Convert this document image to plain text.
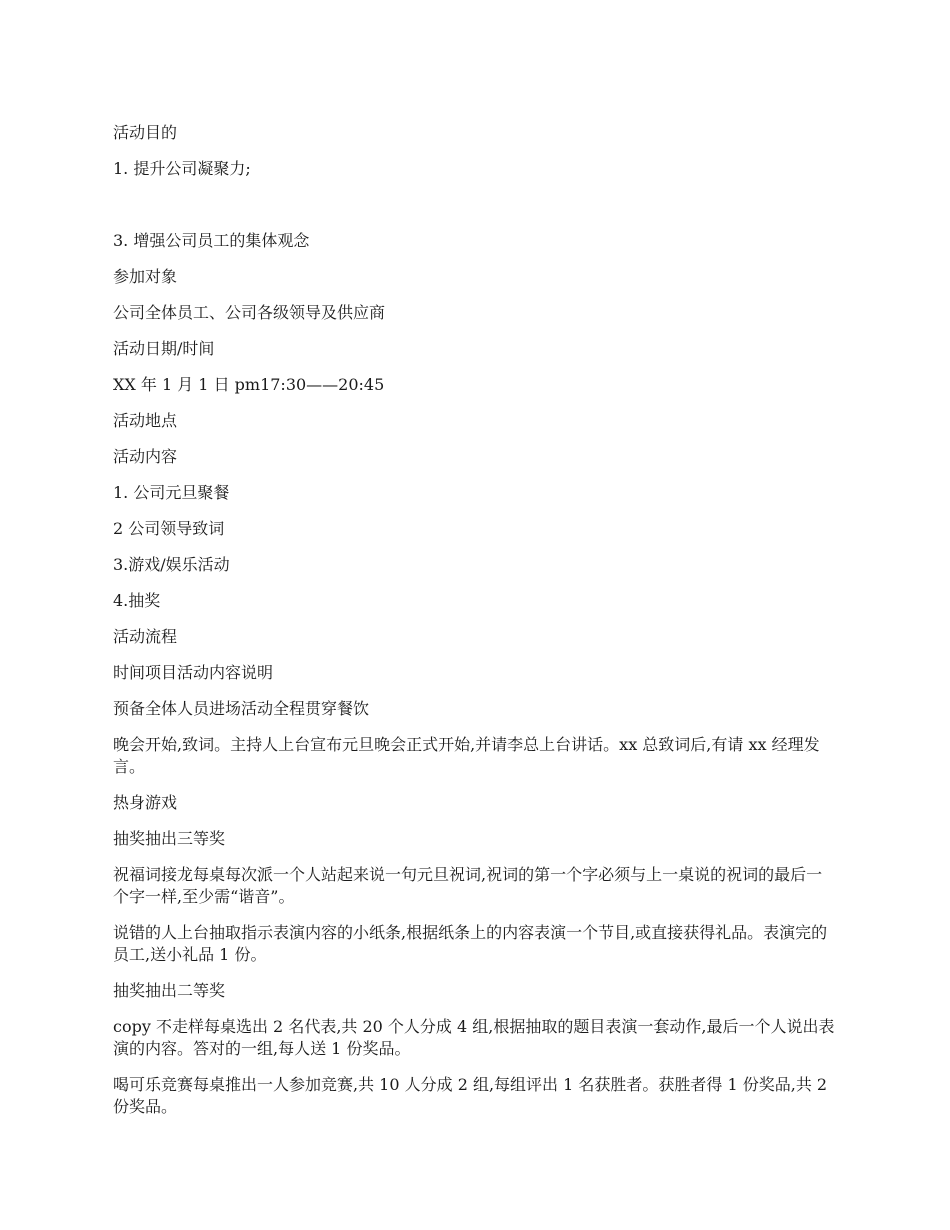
活动目的

1. 提升公司凝聚力;

3. 增强公司员工的集体观念

参加对象

公司全体员工、公司各级领导及供应商

活动日期/时间

XX 年 1 月 1 日 pm17:30——20:45

活动地点

活动内容

1. 公司元旦聚餐

2 公司领导致词

3.游戏/娱乐活动

4.抽奖

活动流程

时间项目活动内容说明

预备全体人员进场活动全程贯穿餐饮

晚会开始,致词。主持人上台宣布元旦晚会正式开始,并请李总上台讲话。xx 总致词后,有请 xx 经理发言。

热身游戏

抽奖抽出三等奖

祝福词接龙每桌每次派一个人站起来说一句元旦祝词,祝词的第一个字必须与上一桌说的祝词的最后一个字一样,至少需“谐音”。

说错的人上台抽取指示表演内容的小纸条,根据纸条上的内容表演一个节目,或直接获得礼品。表演完的员工,送小礼品 1 份。

抽奖抽出二等奖

copy 不走样每桌选出 2 名代表,共 20 个人分成 4 组,根据抽取的题目表演一套动作,最后一个人说出表演的内容。答对的一组,每人送 1 份奖品。

喝可乐竞赛每桌推出一人参加竞赛,共 10 人分成 2 组,每组评出 1 名获胜者。获胜者得 1 份奖品,共 2 份奖品。
